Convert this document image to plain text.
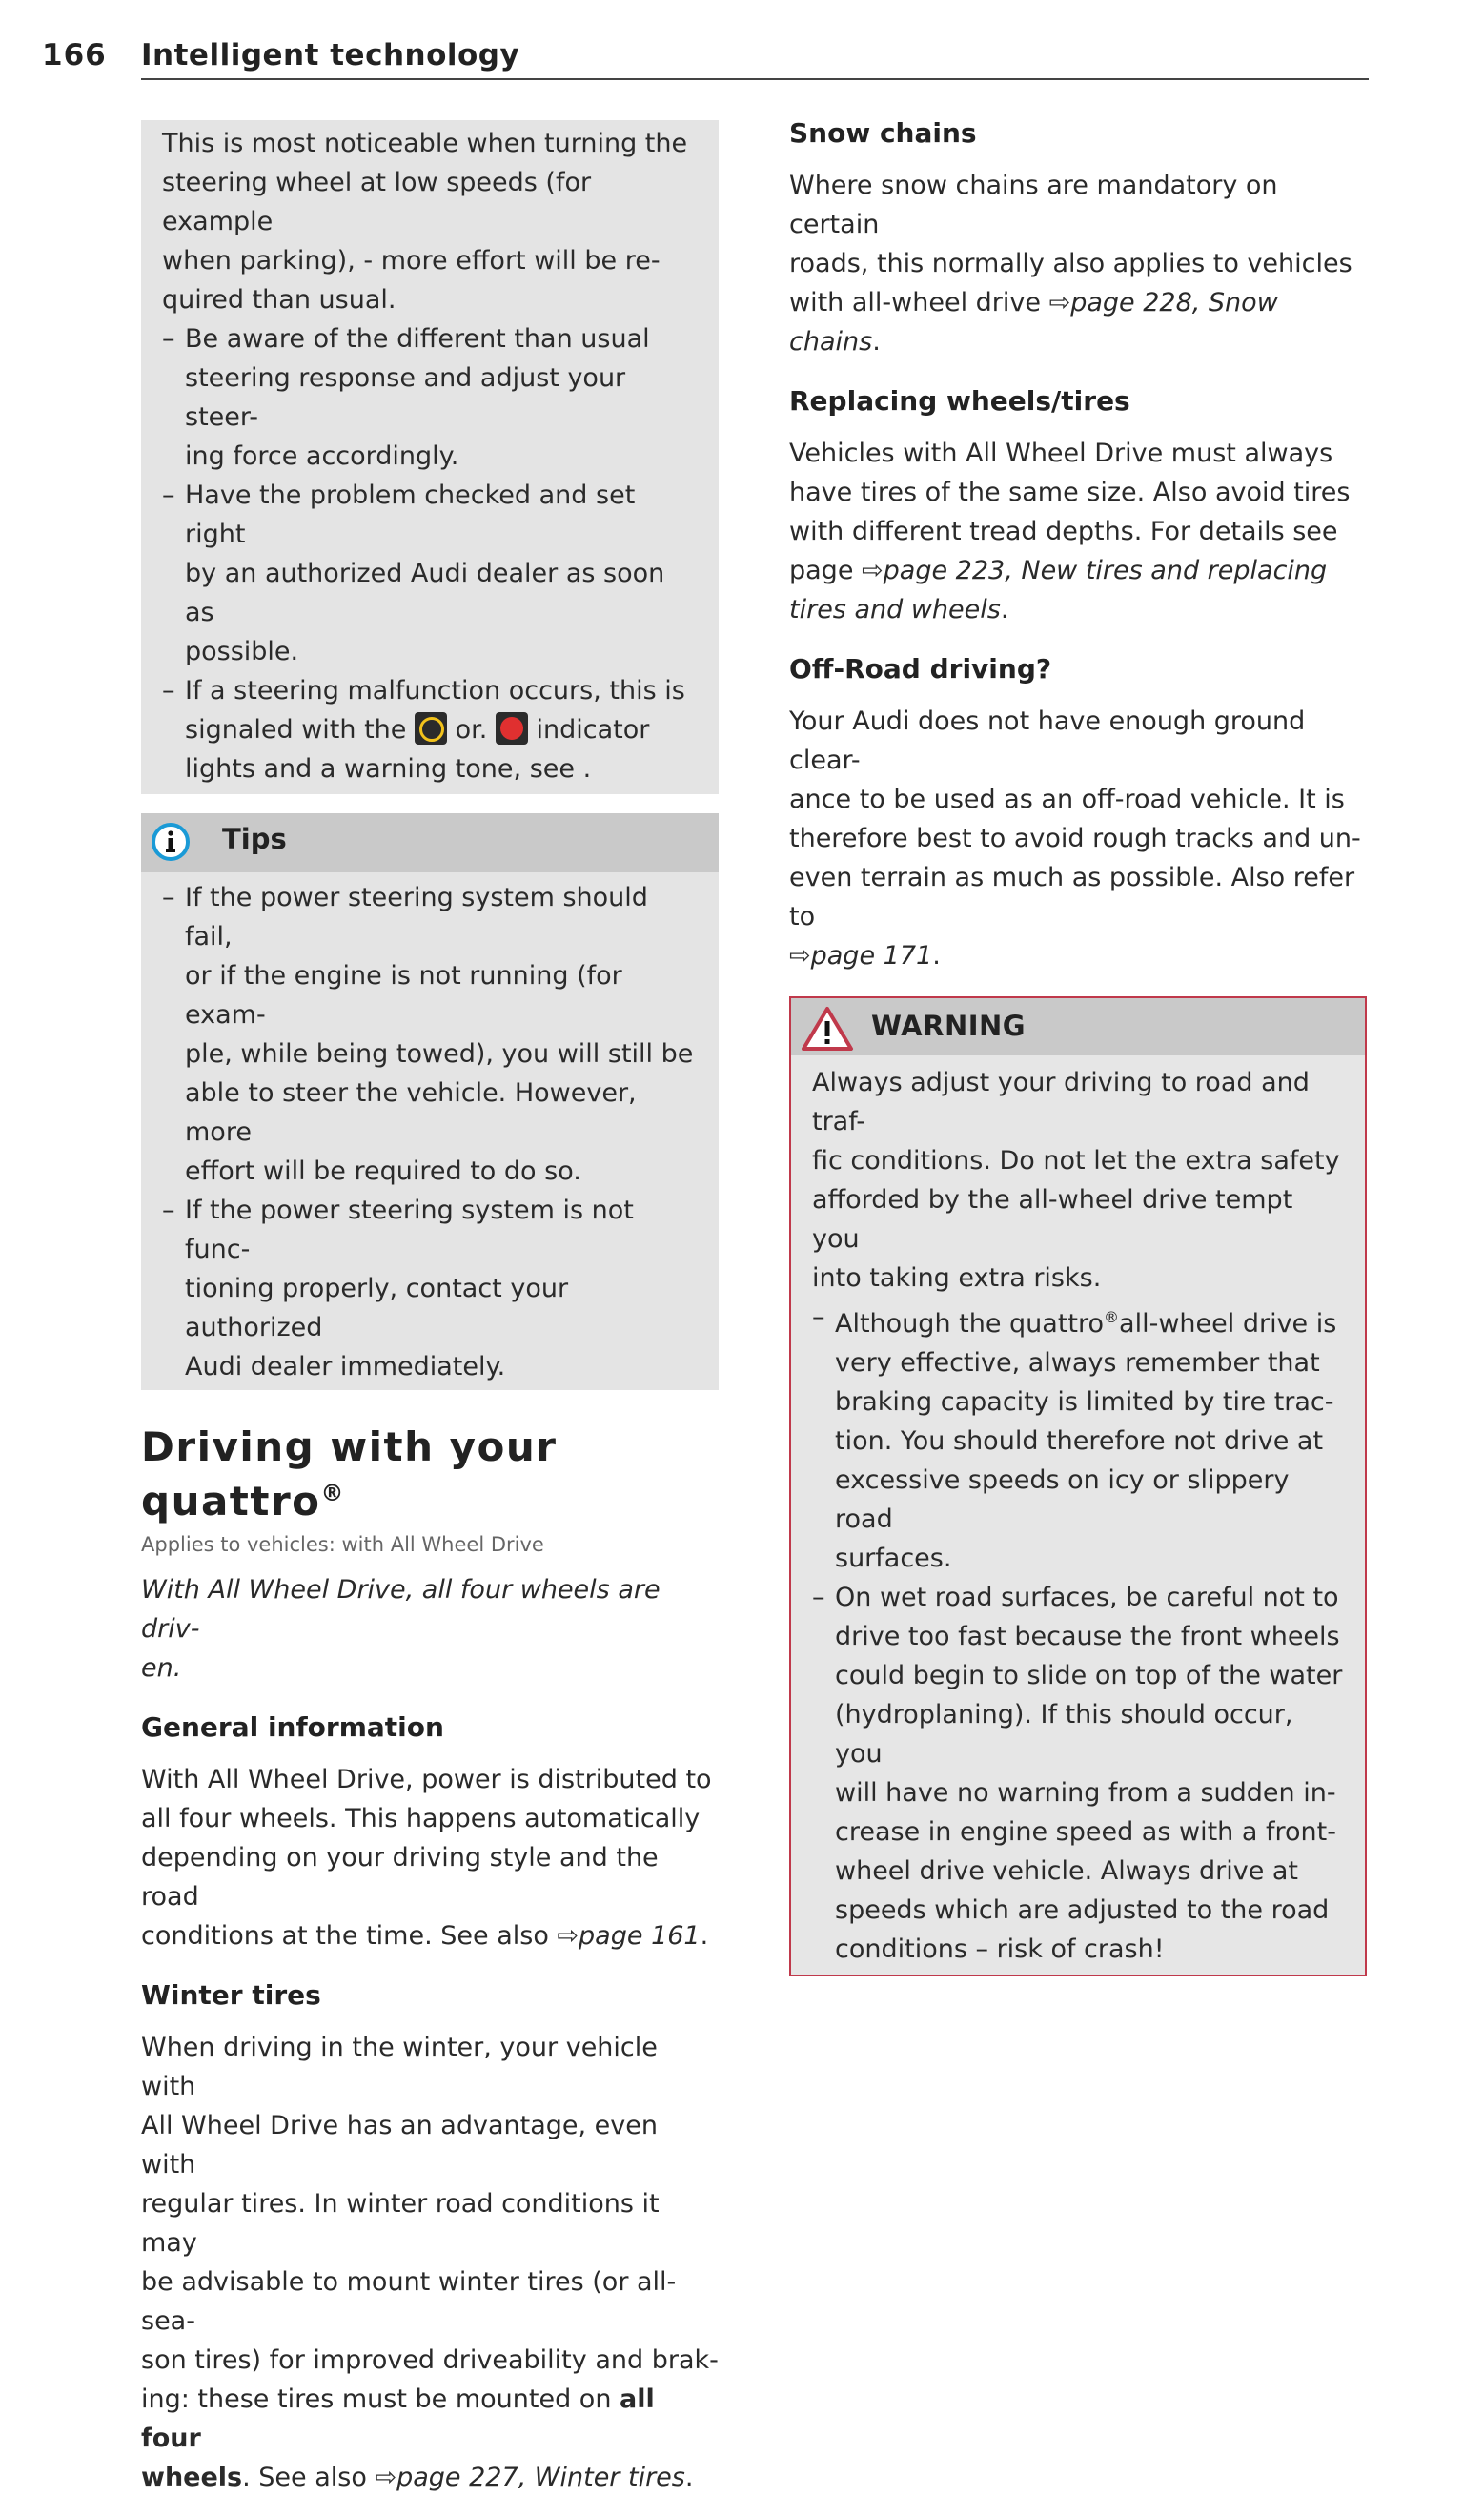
166 Intelligent technology
This is most noticeable when turning the
steering wheel at low speeds (for example
when parking), - more effort will be re-
quired than usual.
– Be aware of the different than usual
steering response and adjust your steer-
ing force accordingly.
– Have the problem checked and set right
by an authorized Audi dealer as soon as
possible.
– If a steering malfunction occurs, this is
signaled with the or. indicator
lights and a warning tone, see .
Tips
– If the power steering system should fail,
or if the engine is not running (for exam-
ple, while being towed), you will still be
able to steer the vehicle. However, more
effort will be required to do so.
– If the power steering system is not func-
tioning properly, contact your authorized
Audi dealer immediately.
Driving with your
quattro®
Applies to vehicles: with All Wheel Drive
With All Wheel Drive, all four wheels are driv-
en.
General information
With All Wheel Drive, power is distributed to
all four wheels. This happens automatically
depending on your driving style and the road
conditions at the time. See also ⇨page 161.
Winter tires
When driving in the winter, your vehicle with
All Wheel Drive has an advantage, even with
regular tires. In winter road conditions it may
be advisable to mount winter tires (or all-sea-
son tires) for improved driveability and brak-
ing: these tires must be mounted on all four
wheels. See also ⇨page 227, Winter tires.
Snow chains
Where snow chains are mandatory on certain
roads, this normally also applies to vehicles
with all-wheel drive ⇨page 228, Snow
chains.
Replacing wheels/tires
Vehicles with All Wheel Drive must always
have tires of the same size. Also avoid tires
with different tread depths. For details see
page ⇨page 223, New tires and replacing
tires and wheels.
Off-Road driving?
Your Audi does not have enough ground clear-
ance to be used as an off-road vehicle. It is
therefore best to avoid rough tracks and un-
even terrain as much as possible. Also refer to
⇨page 171.
WARNING
Always adjust your driving to road and traf-
fic conditions. Do not let the extra safety
afforded by the all-wheel drive tempt you
into taking extra risks.
– Although the quattro®all-wheel drive is
very effective, always remember that
braking capacity is limited by tire trac-
tion. You should therefore not drive at
excessive speeds on icy or slippery road
surfaces.
– On wet road surfaces, be careful not to
drive too fast because the front wheels
could begin to slide on top of the water
(hydroplaning). If this should occur, you
will have no warning from a sudden in-
crease in engine speed as with a front-
wheel drive vehicle. Always drive at
speeds which are adjusted to the road
conditions – risk of crash!
